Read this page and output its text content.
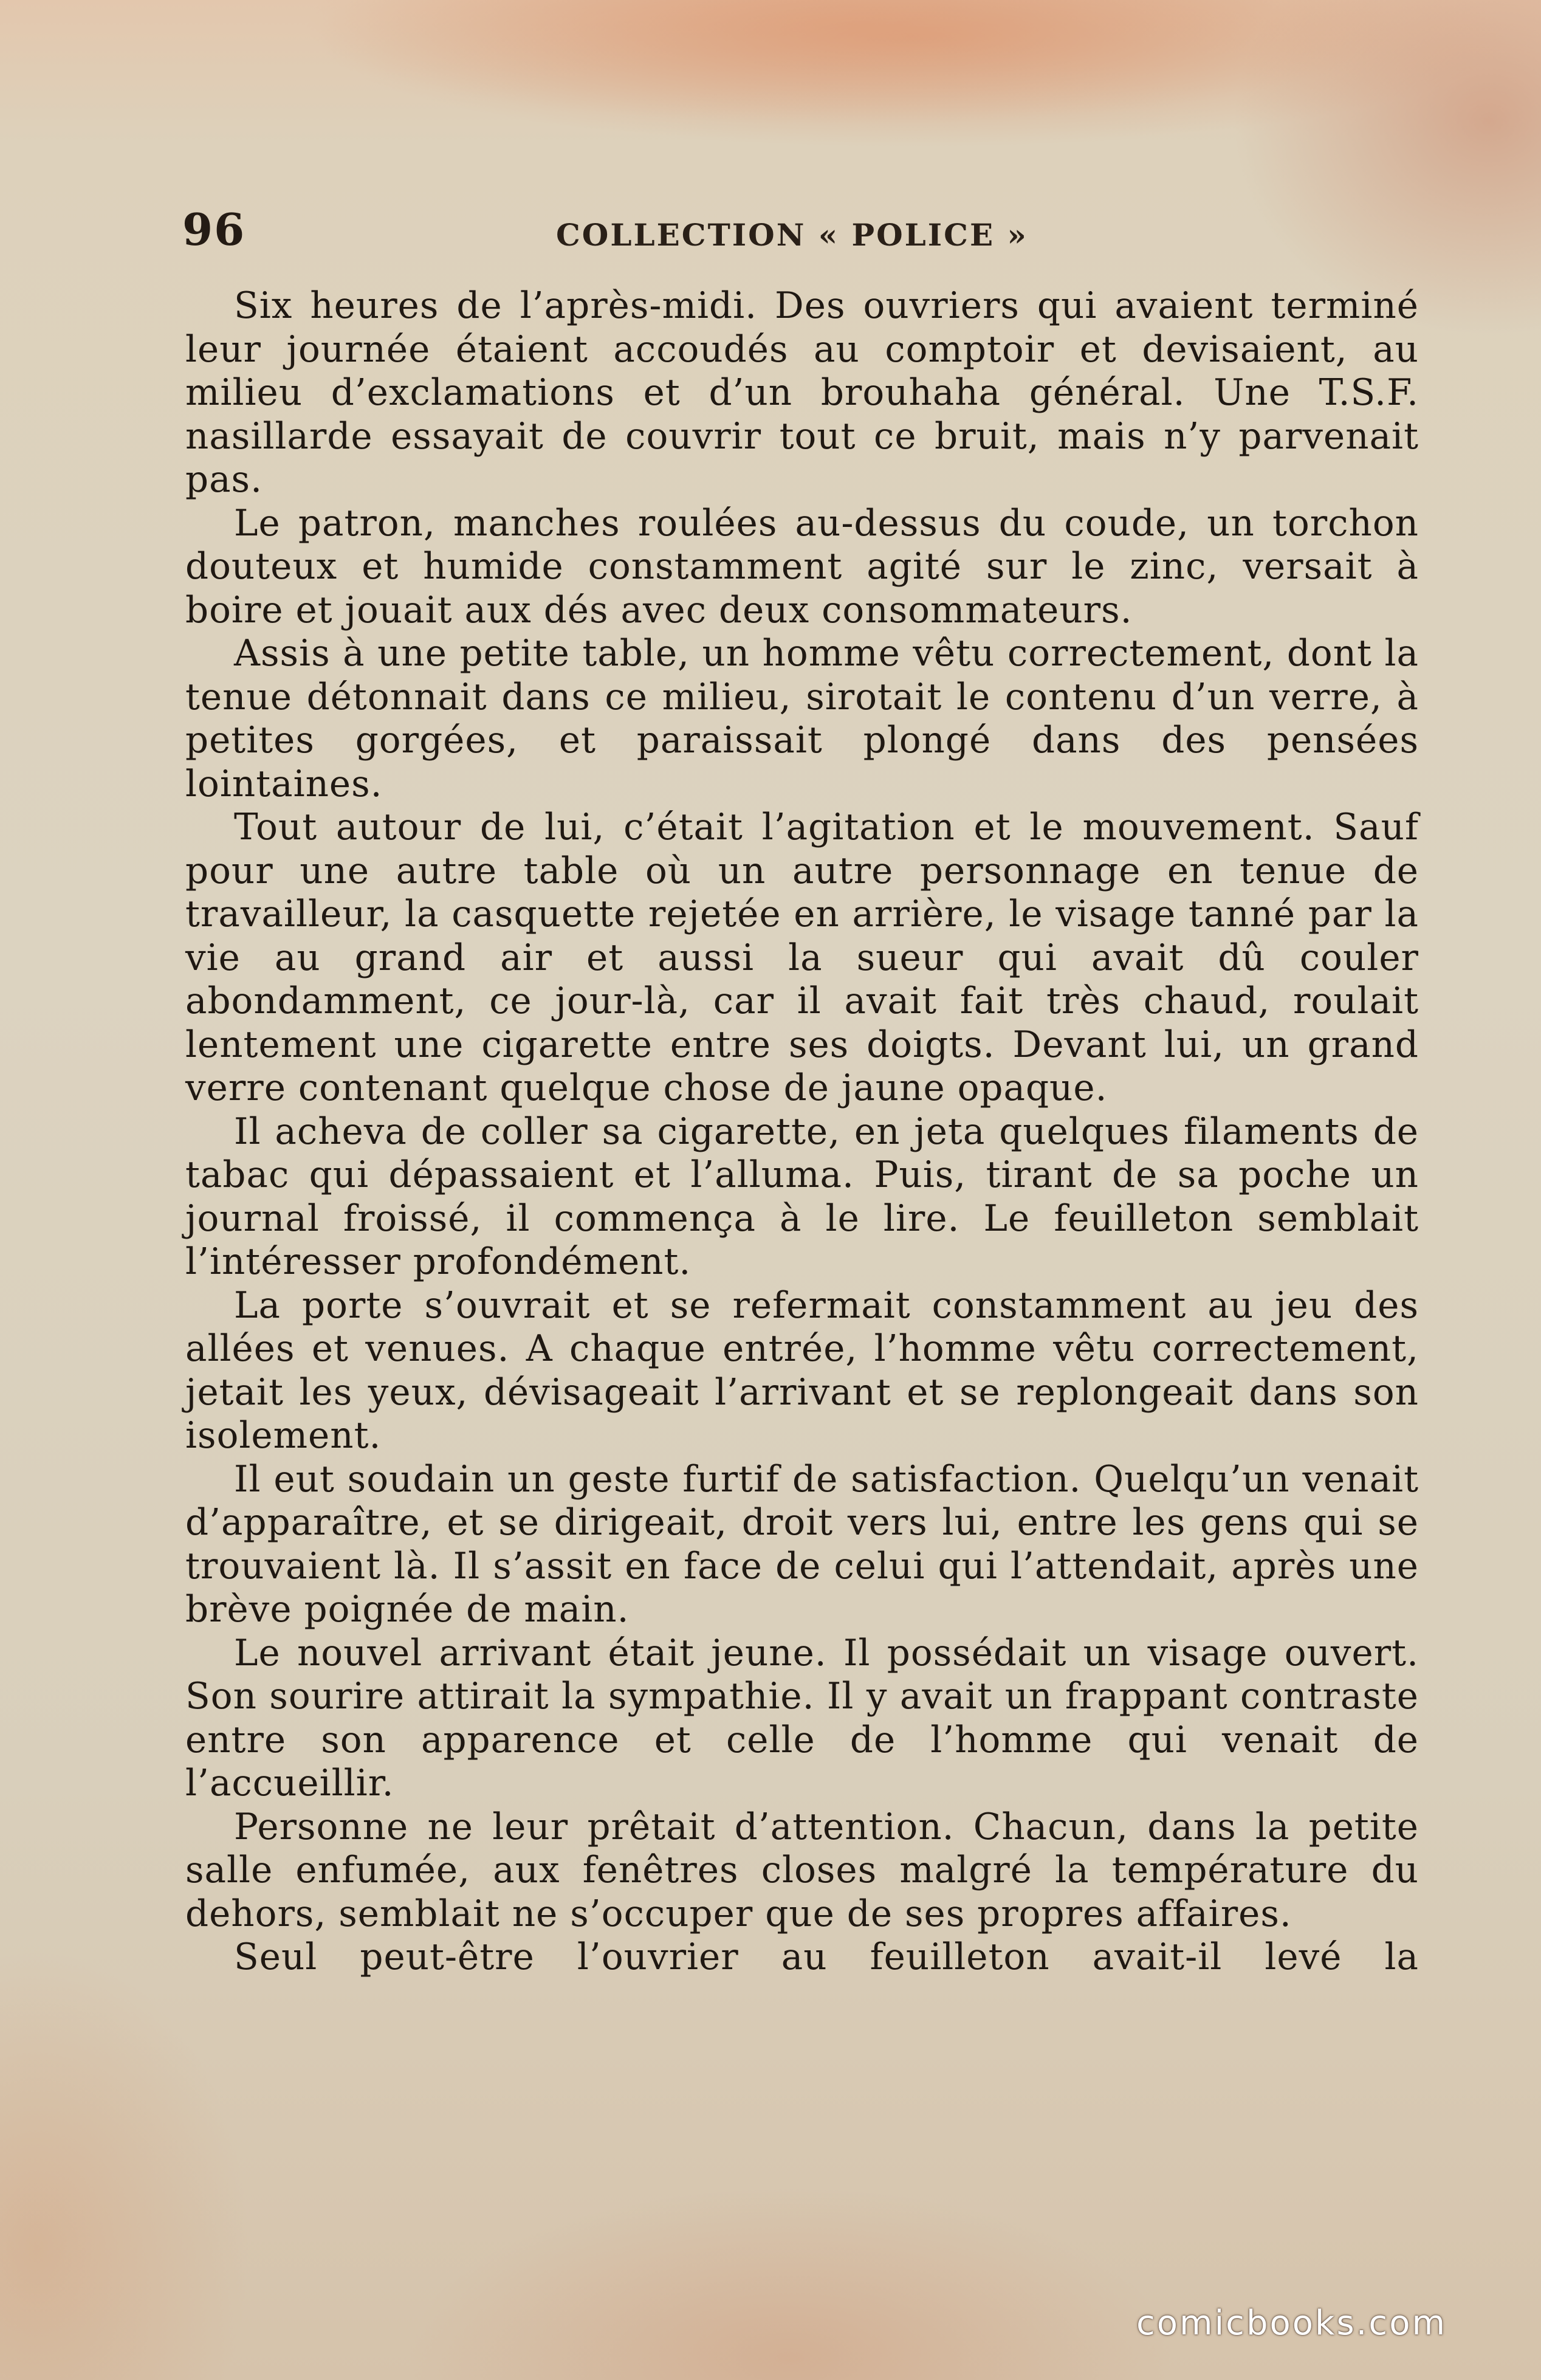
96	COLLECTION « POLICE »

Six heures de l’après-midi. Des ouvriers qui avaient terminé leur journée étaient accoudés au comptoir et devisaient, au milieu d’exclamations et d’un brouhaha général. Une T.S.F. nasillarde essayait de couvrir tout ce bruit, mais n’y parvenait pas.

Le patron, manches roulées au-dessus du coude, un torchon douteux et humide constamment agité sur le zinc, versait à boire et jouait aux dés avec deux consommateurs.

Assis à une petite table, un homme vêtu correctement, dont la tenue détonnait dans ce milieu, sirotait le contenu d’un verre, à petites gorgées, et paraissait plongé dans des pensées lointaines.

Tout autour de lui, c’était l’agitation et le mouvement. Sauf pour une autre table où un autre personnage en tenue de travailleur, la casquette rejetée en arrière, le visage tanné par la vie au grand air et aussi la sueur qui avait dû couler abondamment, ce jour-là, car il avait fait très chaud, roulait lentement une cigarette entre ses doigts. Devant lui, un grand verre contenant quelque chose de jaune opaque.

Il acheva de coller sa cigarette, en jeta quelques filaments de tabac qui dépassaient et l’alluma. Puis, tirant de sa poche un journal froissé, il commença à le lire. Le feuilleton semblait l’intéresser profondément.

La porte s’ouvrait et se refermait constamment au jeu des allées et venues. A chaque entrée, l’homme vêtu correctement, jetait les yeux, dévisageait l’arrivant et se replongeait dans son isolement.

Il eut soudain un geste furtif de satisfaction. Quelqu’un venait d’apparaître, et se dirigeait, droit vers lui, entre les gens qui se trouvaient là. Il s’assit en face de celui qui l’attendait, après une brève poignée de main.

Le nouvel arrivant était jeune. Il possédait un visage ouvert. Son sourire attirait la sympathie. Il y avait un frappant contraste entre son apparence et celle de l’homme qui venait de l’accueillir.

Personne ne leur prêtait d’attention. Chacun, dans la petite salle enfumée, aux fenêtres closes malgré la température du dehors, semblait ne s’occuper que de ses propres affaires.

Seul peut-être l’ouvrier au feuilleton avait-il levé la

comicbooks.com
